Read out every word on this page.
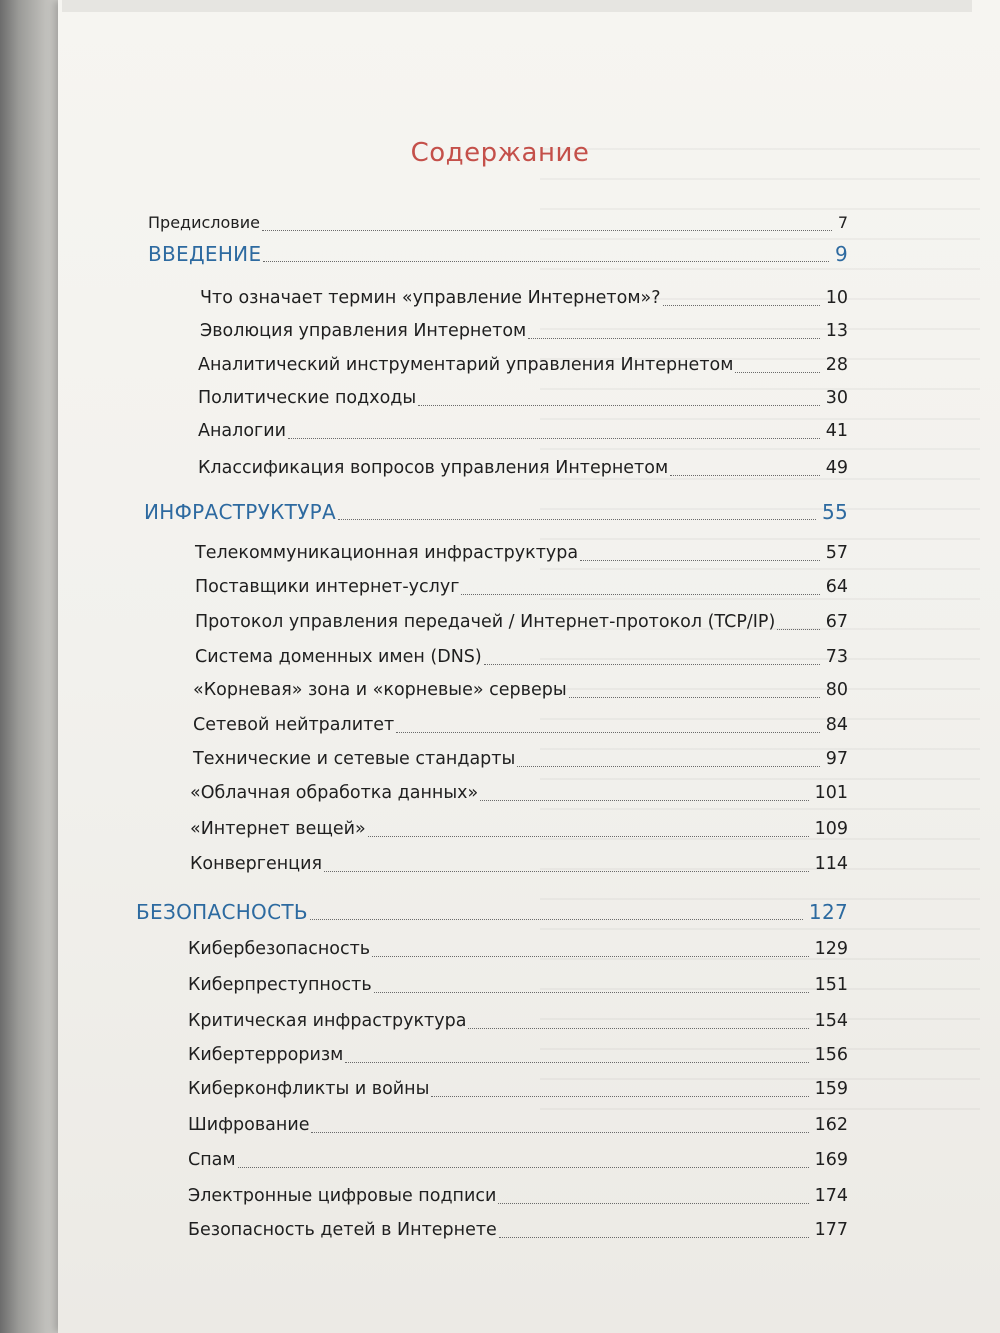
Содержание
Предисловие	7
ВВЕДЕНИЕ	9
Что означает термин «управление Интернетом»?	10
Эволюция управления Интернетом	13
Аналитический инструментарий управления Интернетом	28
Политические подходы	30
Аналогии	41
Классификация вопросов управления Интернетом	49
ИНФРАСТРУКТУРА	55
Телекоммуникационная инфраструктура	57
Поставщики интернет-услуг	64
Протокол управления передачей / Интернет-протокол (TCP/IP)	67
Система доменных имен (DNS)	73
«Корневая» зона и «корневые» серверы	80
Сетевой нейтралитет	84
Технические и сетевые стандарты	97
«Облачная обработка данных»	101
«Интернет вещей»	109
Конвергенция	114
БЕЗОПАСНОСТЬ	127
Кибербезопасность	129
Киберпреступность	151
Критическая инфраструктура	154
Кибертерроризм	156
Киберконфликты и войны	159
Шифрование	162
Спам	169
Электронные цифровые подписи	174
Безопасность детей в Интернете	177
